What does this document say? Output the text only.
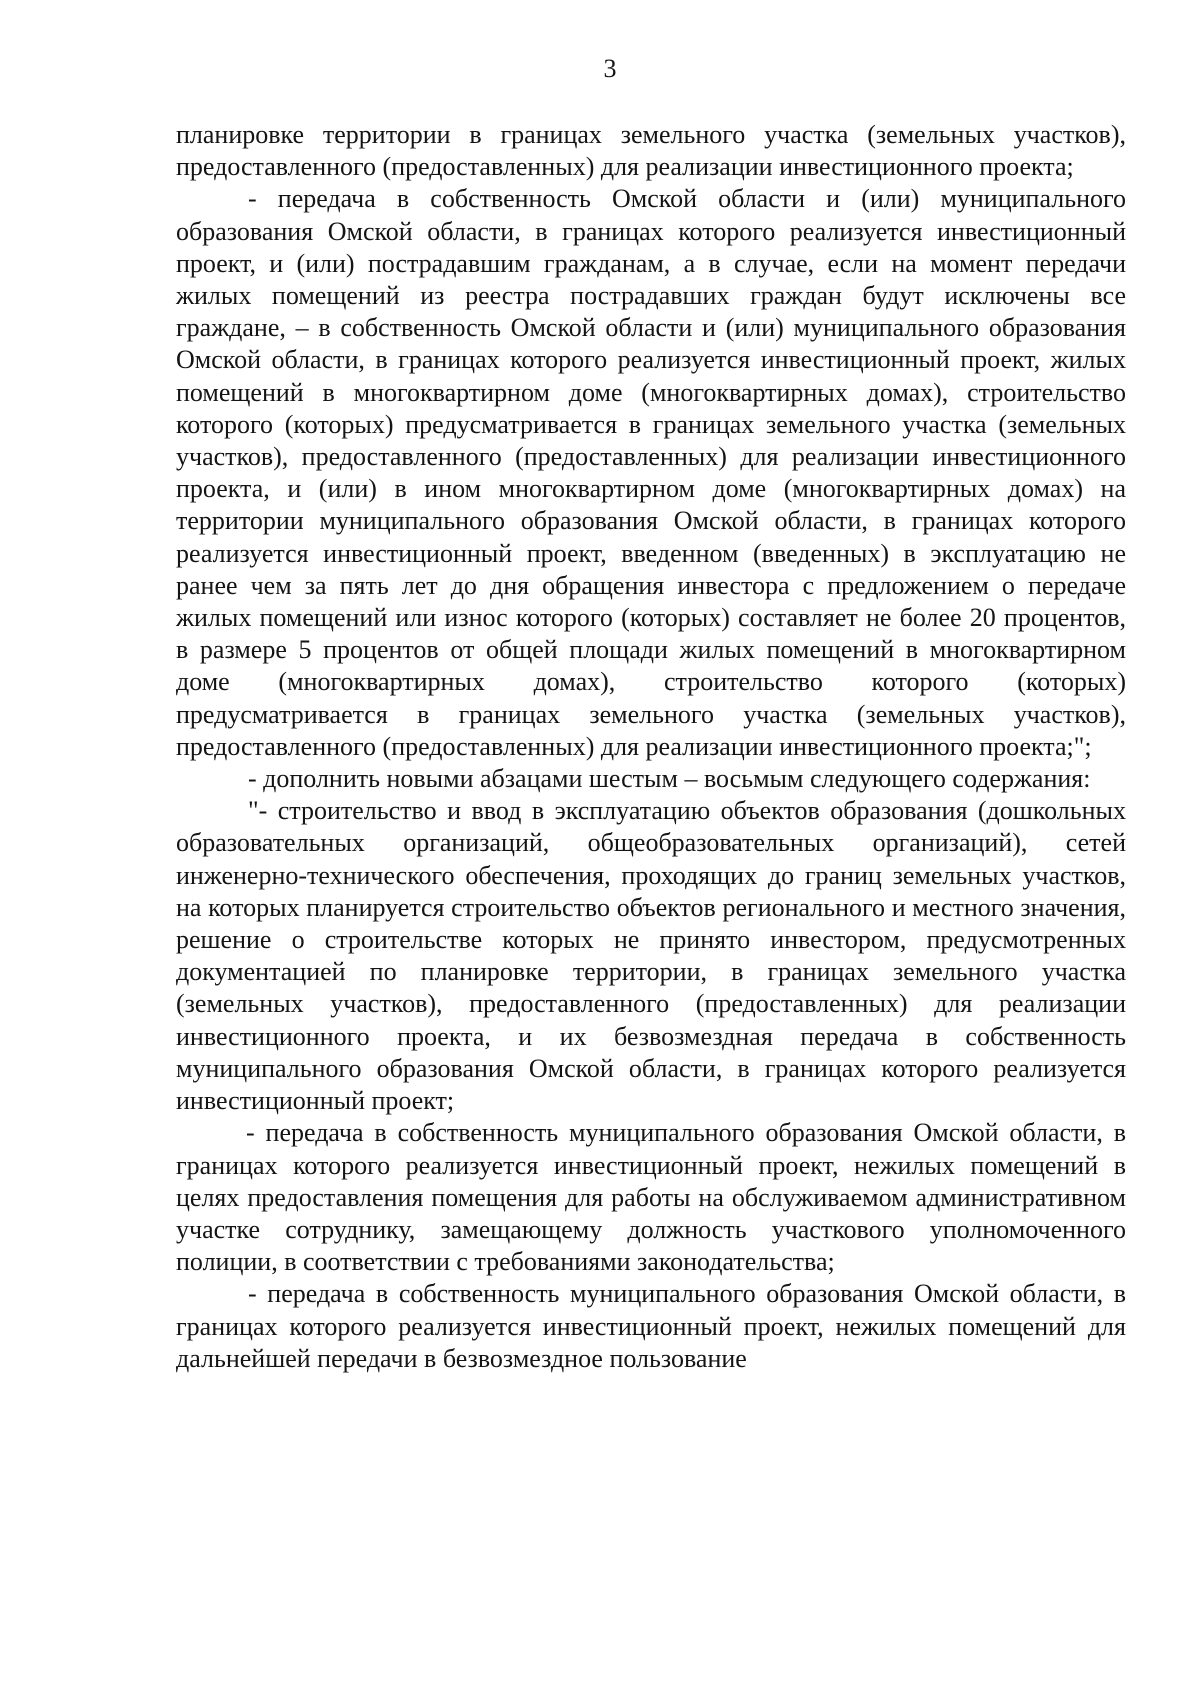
3

планировке территории в границах земельного участка (земельных участков), предоставленного (предоставленных) для реализации инвестиционного проекта;

- передача в собственность Омской области и (или) муниципального образования Омской области, в границах которого реализуется инвестиционный проект, и (или) пострадавшим гражданам, а в случае, если на момент передачи жилых помещений из реестра пострадавших граждан будут исключены все граждане, – в собственность Омской области и (или) муниципального образования Омской области, в границах которого реализуется инвестиционный проект, жилых помещений в многоквартирном доме (многоквартирных домах), строительство которого (которых) предусматривается в границах земельного участка (земельных участков), предоставленного (предоставленных) для реализации инвестиционного проекта, и (или) в ином многоквартирном доме (многоквартирных домах) на территории муниципального образования Омской области, в границах которого реализуется инвестиционный проект, введенном (введенных) в эксплуатацию не ранее чем за пять лет до дня обращения инвестора с предложением о передаче жилых помещений или износ которого (которых) составляет не более 20 процентов, в размере 5 процентов от общей площади жилых помещений в многоквартирном доме (многоквартирных домах), строительство которого (которых) предусматривается в границах земельного участка (земельных участков), предоставленного (предоставленных) для реализации инвестиционного проекта;";

- дополнить новыми абзацами шестым – восьмым следующего содержания:

"- строительство и ввод в эксплуатацию объектов образования (дошкольных образовательных организаций, общеобразовательных организаций), сетей инженерно-технического обеспечения, проходящих до границ земельных участков, на которых планируется строительство объектов регионального и местного значения, решение о строительстве которых не принято инвестором, предусмотренных документацией по планировке территории, в границах земельного участка (земельных участков), предоставленного (предоставленных) для реализации инвестиционного проекта, и их безвозмездная передача в собственность муниципального образования Омской области, в границах которого реализуется инвестиционный проект;

- передача в собственность муниципального образования Омской области, в границах которого реализуется инвестиционный проект, нежилых помещений в целях предоставления помещения для работы на обслуживаемом административном участке сотруднику, замещающему должность участкового уполномоченного полиции, в соответствии с требованиями законодательства;

- передача в собственность муниципального образования Омской области, в границах которого реализуется инвестиционный проект, нежилых помещений для дальнейшей передачи в безвозмездное пользование
